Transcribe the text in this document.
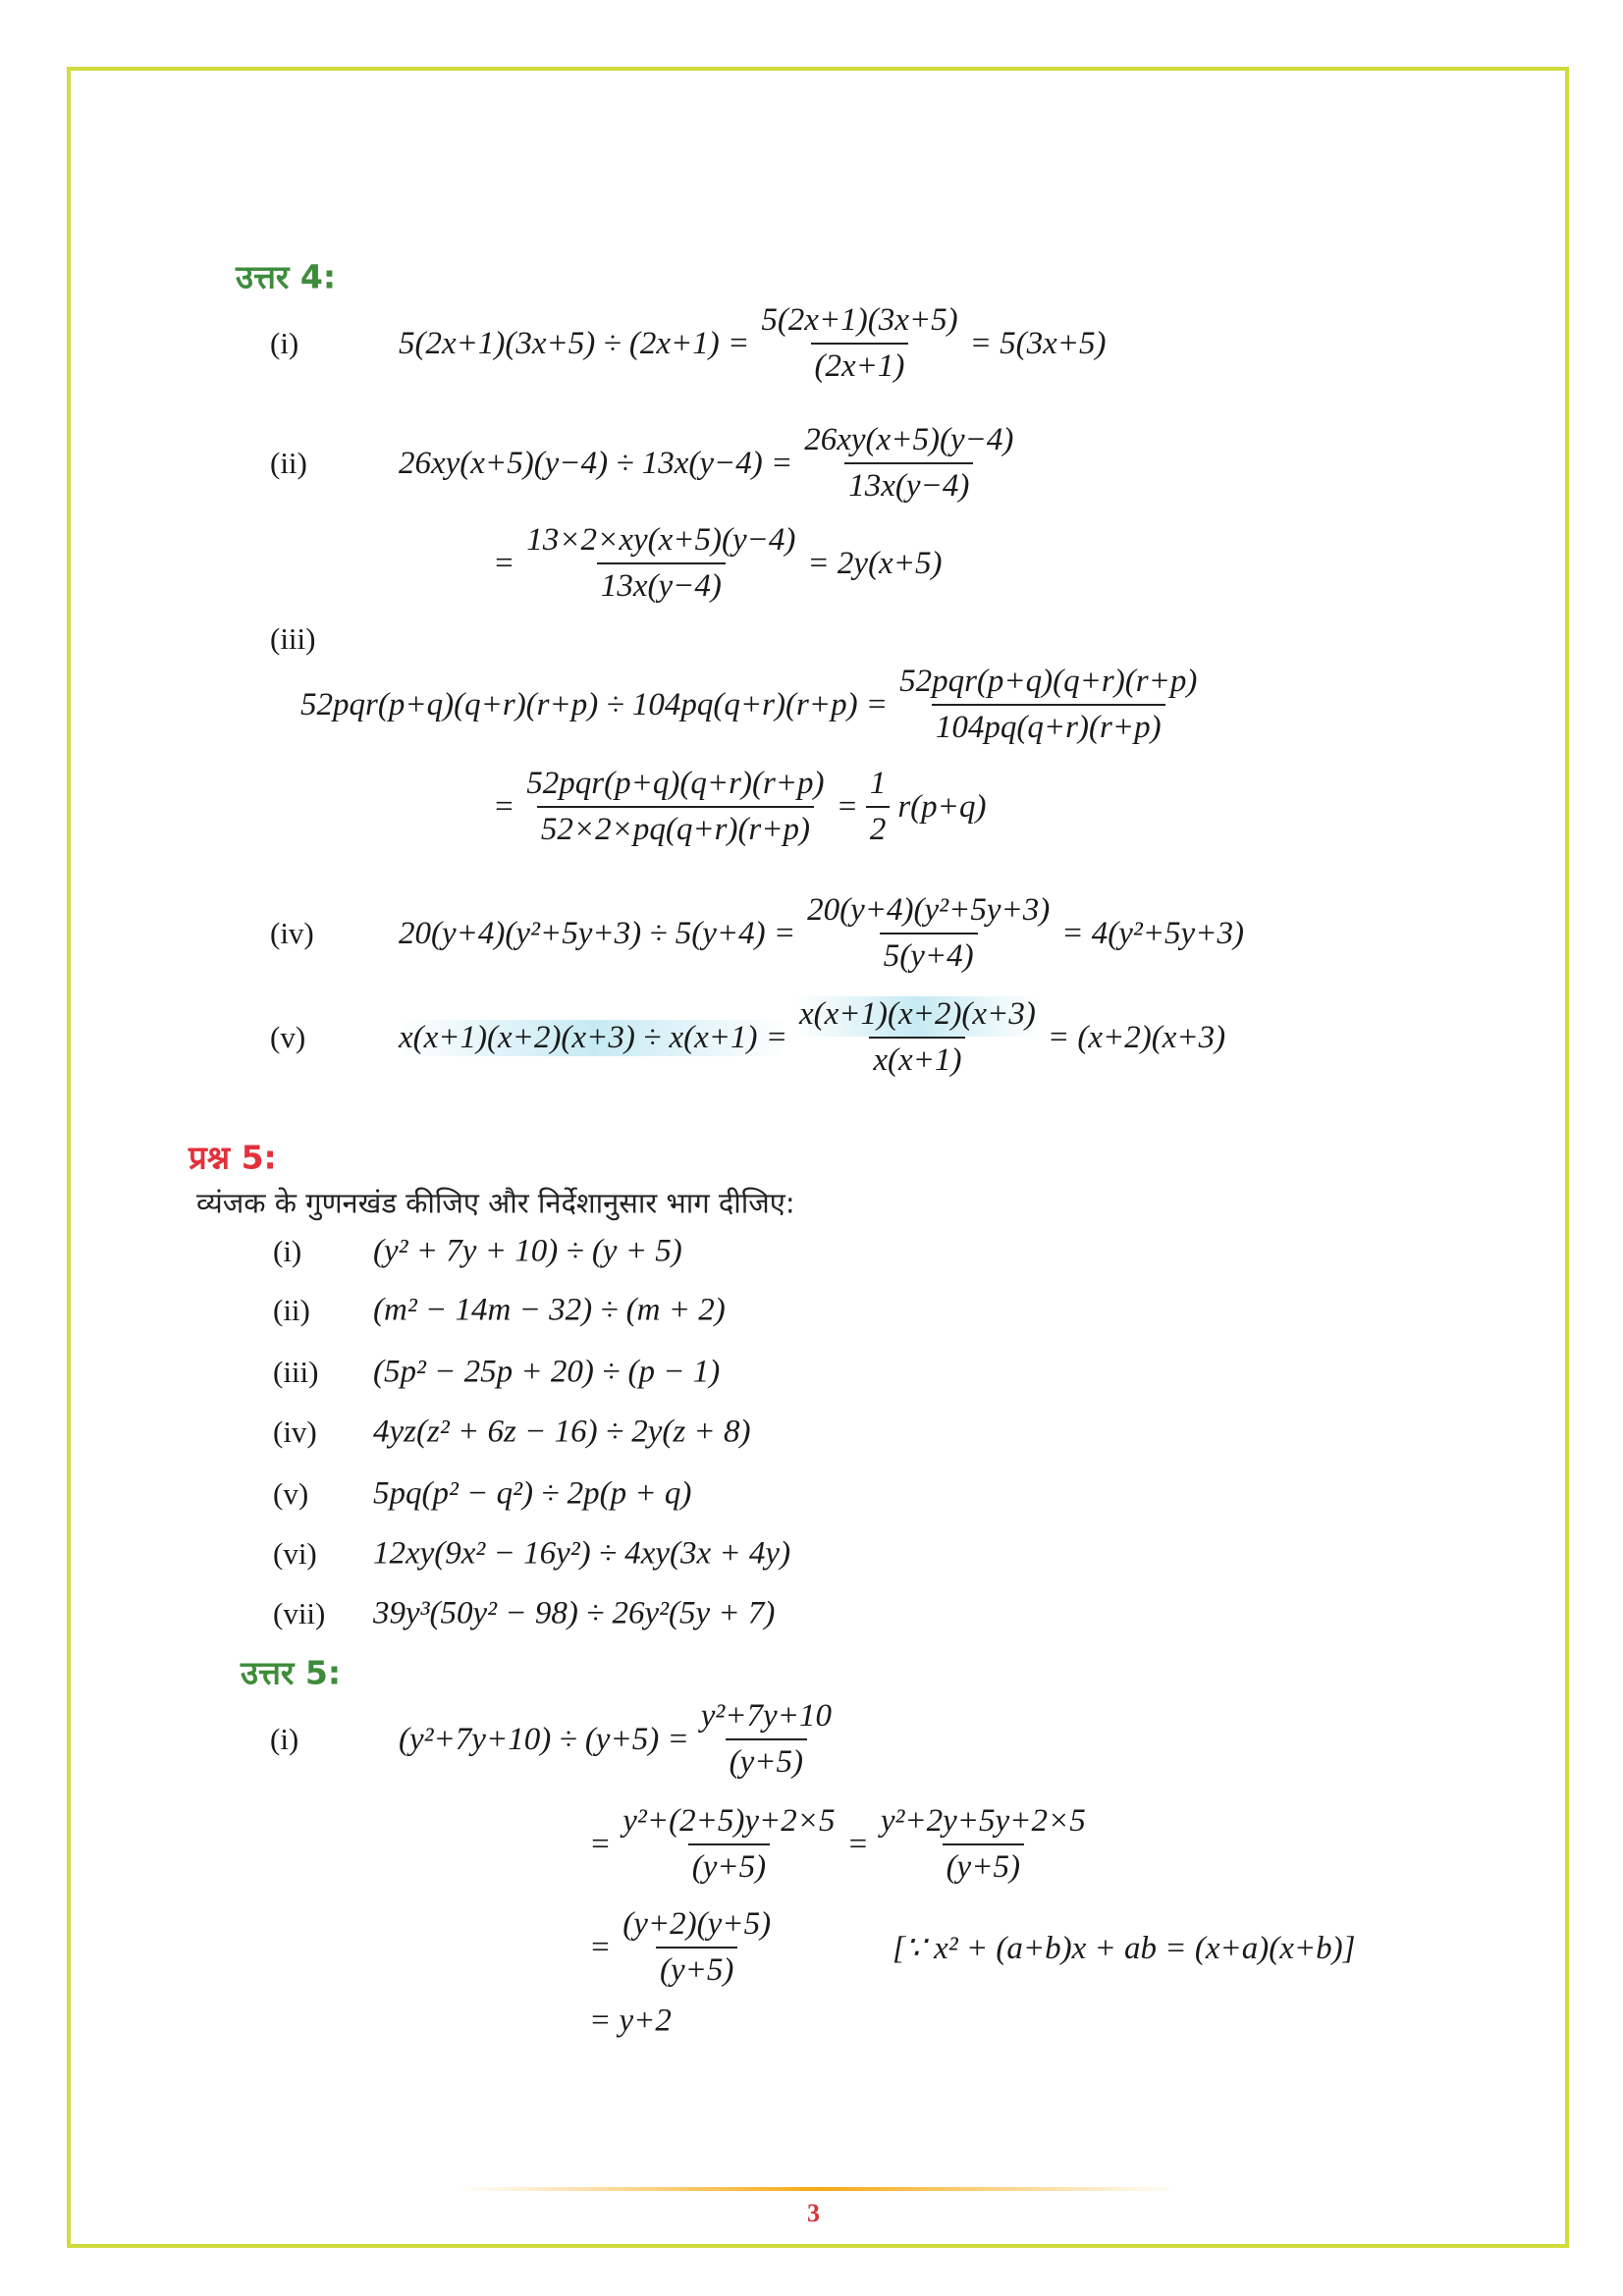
उत्तर 4:
(i)	$5(2x+1)(3x+5) \div (2x+1) = \frac{5(2x+1)(3x+5)}{(2x+1)} = 5(3x+5)$
(ii)	$26xy(x+5)(y-4) \div 13x(y-4) = \frac{26xy(x+5)(y-4)}{13x(y-4)}$
= $\frac{13\times 2\times xy(x+5)(y-4)}{13x(y-4)} = 2y(x+5)$
(iii)
$52pqr(p+q)(q+r)(r+p) \div 104pq(q+r)(r+p) = \frac{\text{52pqr(p+q)(q+r)(r+p)}}{104pq(q+r)(r+p)}$
= $\frac{\text{52pqr(p+q)(q+r)(r+p)}}{52\times 2\times pq(q+r)(r+p)} = \frac{1}{2} r(p+q)$
(iv)	$20(y+4)(y^2+5y+3) \div 5(y+4) = \frac{\text{20(y+4)(y²+5y+3)}}{5(y+4)} = 4(y^2+5y+3)$
(v)	$x(x+1)(x+2)(x+3) \div x(x+1) = \frac{x(x+1)(x+2)(x+3)}{x(x+1)} = (x+2)(x+3)$
प्रश्न 5:
व्यंजक के गुणनखंड कीजिए और निर्देशानुसार भाग दीजिए:
(i) (y² + 7y + 10) ÷ (y + 5)
(ii) (m² − 14m − 32) ÷ (m + 2)
(iii) (5p² − 25p + 20) ÷ (p − 1)
(iv) 4yz(z² + 6z − 16) ÷ 2y(z + 8)
(v) 5pq(p² − q²) ÷ 2p(p + q)
(vi) 12xy(9x² − 16y²) ÷ 4xy(3x + 4y)
(vii) 39y³(50y² − 98) ÷ 26y²(5y + 7)
उत्तर 5:
(i)	$(y^2+7y+10) \div (y+5) = \frac{\text{y²+7y+10}}{(y+5)}$
= $\frac{\text{y²+(2+5)y+2×5}}{(y+5)} = \frac{\text{y²+2y+5y+2×5}}{(y+5)}$
= $\frac{(y+2)(y+5)}{(y+5)}$	[∵ x² + (a+b)x + ab = (x+a)(x+b)]
= y+2
3
